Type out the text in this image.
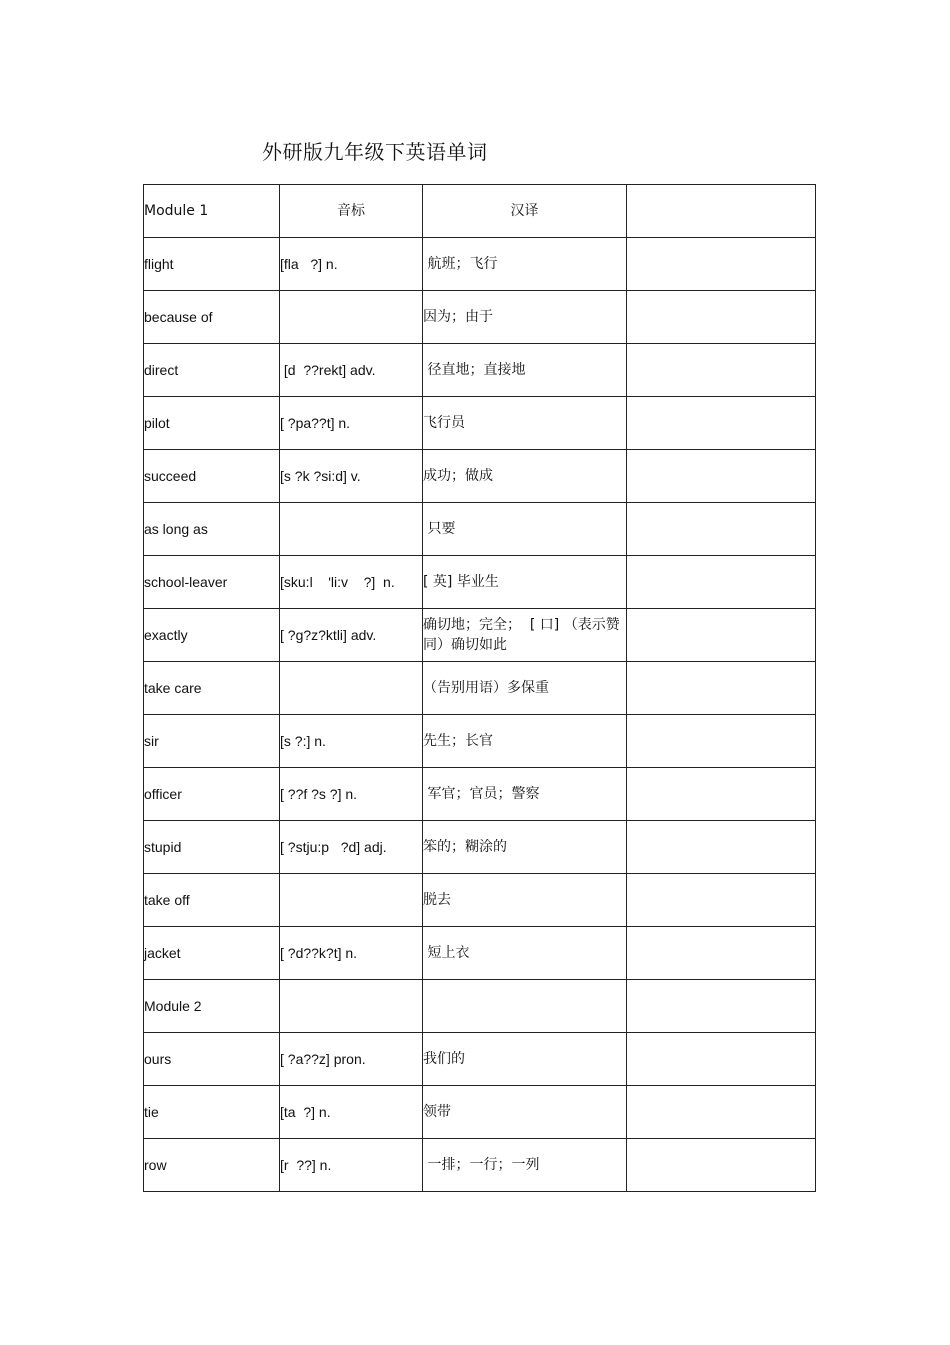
外研版九年级下英语单词
Module 1	音标	汉译	
flight	[fla   ?] n.	航班；飞行	
because of		因为；由于	
direct	[d  ??rekt] adv.	径直地；直接地	
pilot	[ ?pa??t] n.	飞行员	
succeed	[s ?k ?si:d] v.	成功；做成	
as long as		只要	
school-leaver	[sku:l    'li:v    ?]  n.	[ 英] 毕业生	
exactly	[ ?g?z?ktli] adv.	确切地；完全；  [ 口] （表示赞同）确切如此	
take care		（告别用语）多保重	
sir	[s ?:] n.	先生；长官	
officer	[ ??f ?s ?] n.	军官；官员；警察	
stupid	[ ?stju:p   ?d] adj.	笨的；糊涂的	
take off		脱去	
jacket	[ ?d??k?t] n.	短上衣	
Module 2			
ours	[ ?a??z] pron.	我们的	
tie	[ta  ?] n.	领带	
row	[r  ??] n.	一排；一行；一列	
